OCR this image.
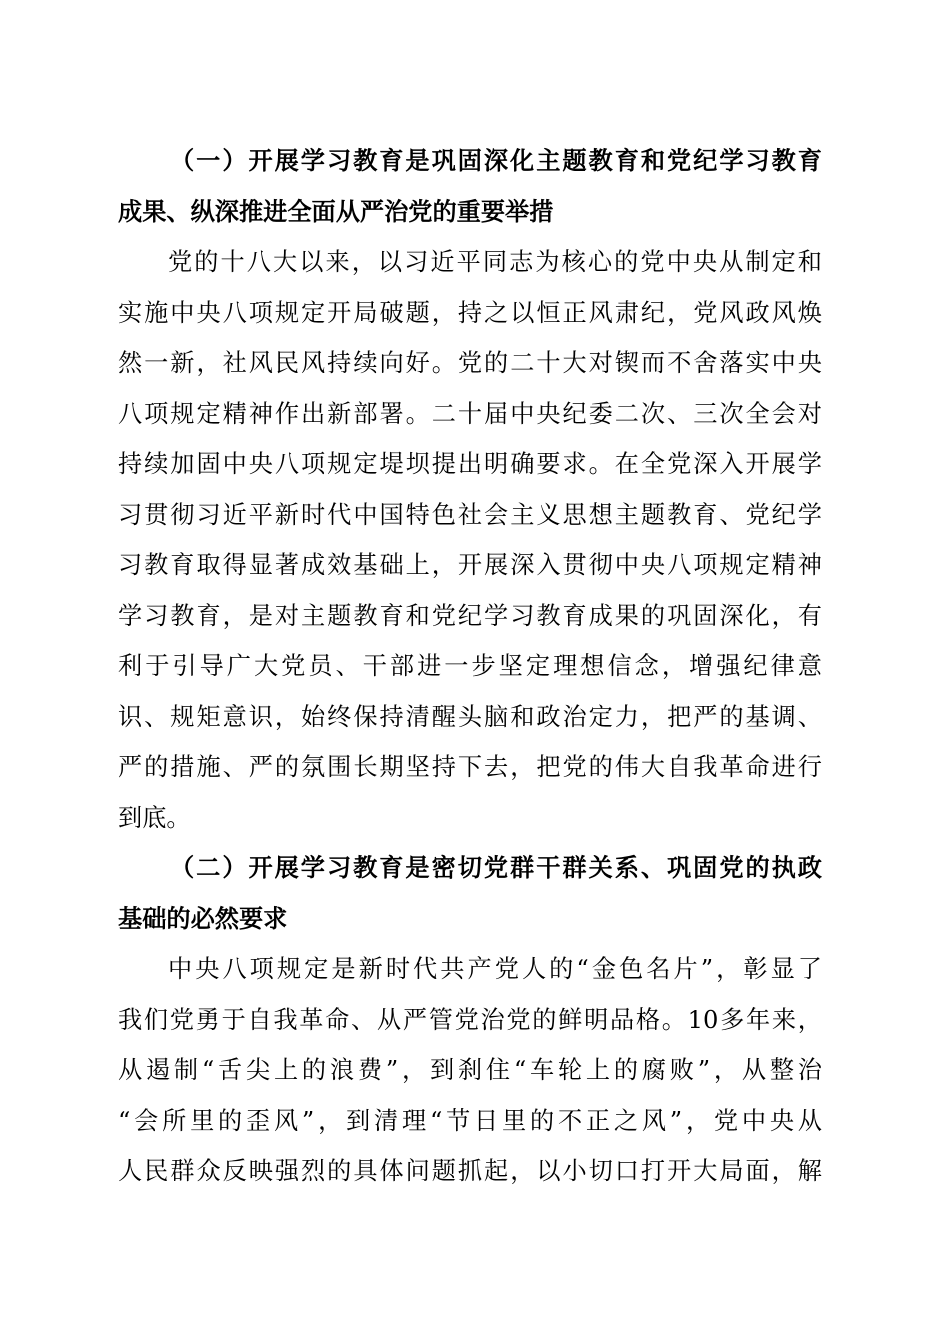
（一）开展学习教育是巩固深化主题教育和党纪学习教育
成果、纵深推进全面从严治党的重要举措
党的十八大以来，以习近平同志为核心的党中央从制定和
实施中央八项规定开局破题，持之以恒正风肃纪，党风政风焕
然一新，社风民风持续向好。党的二十大对锲而不舍落实中央
八项规定精神作出新部署。二十届中央纪委二次、三次全会对
持续加固中央八项规定堤坝提出明确要求。在全党深入开展学
习贯彻习近平新时代中国特色社会主义思想主题教育、党纪学
习教育取得显著成效基础上，开展深入贯彻中央八项规定精神
学习教育，是对主题教育和党纪学习教育成果的巩固深化，有
利于引导广大党员、干部进一步坚定理想信念，增强纪律意
识、规矩意识，始终保持清醒头脑和政治定力，把严的基调、
严的措施、严的氛围长期坚持下去，把党的伟大自我革命进行
到底。
（二）开展学习教育是密切党群干群关系、巩固党的执政
基础的必然要求
中央八项规定是新时代共产党人的“金色名片”，彰显了
我们党勇于自我革命、从严管党治党的鲜明品格。10多年来，
从遏制“舌尖上的浪费”，到刹住“车轮上的腐败”，从整治
“会所里的歪风”，到清理“节日里的不正之风”，党中央从
人民群众反映强烈的具体问题抓起，以小切口打开大局面，解
